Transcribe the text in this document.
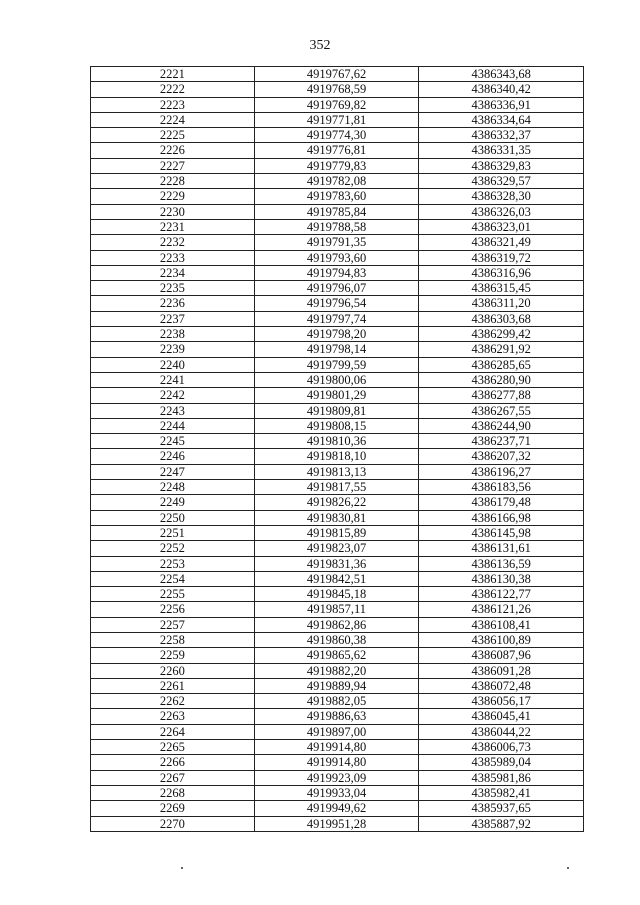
352
2221	4919767,62	4386343,68
2222	4919768,59	4386340,42
2223	4919769,82	4386336,91
2224	4919771,81	4386334,64
2225	4919774,30	4386332,37
2226	4919776,81	4386331,35
2227	4919779,83	4386329,83
2228	4919782,08	4386329,57
2229	4919783,60	4386328,30
2230	4919785,84	4386326,03
2231	4919788,58	4386323,01
2232	4919791,35	4386321,49
2233	4919793,60	4386319,72
2234	4919794,83	4386316,96
2235	4919796,07	4386315,45
2236	4919796,54	4386311,20
2237	4919797,74	4386303,68
2238	4919798,20	4386299,42
2239	4919798,14	4386291,92
2240	4919799,59	4386285,65
2241	4919800,06	4386280,90
2242	4919801,29	4386277,88
2243	4919809,81	4386267,55
2244	4919808,15	4386244,90
2245	4919810,36	4386237,71
2246	4919818,10	4386207,32
2247	4919813,13	4386196,27
2248	4919817,55	4386183,56
2249	4919826,22	4386179,48
2250	4919830,81	4386166,98
2251	4919815,89	4386145,98
2252	4919823,07	4386131,61
2253	4919831,36	4386136,59
2254	4919842,51	4386130,38
2255	4919845,18	4386122,77
2256	4919857,11	4386121,26
2257	4919862,86	4386108,41
2258	4919860,38	4386100,89
2259	4919865,62	4386087,96
2260	4919882,20	4386091,28
2261	4919889,94	4386072,48
2262	4919882,05	4386056,17
2263	4919886,63	4386045,41
2264	4919897,00	4386044,22
2265	4919914,80	4386006,73
2266	4919914,80	4385989,04
2267	4919923,09	4385981,86
2268	4919933,04	4385982,41
2269	4919949,62	4385937,65
2270	4919951,28	4385887,92
